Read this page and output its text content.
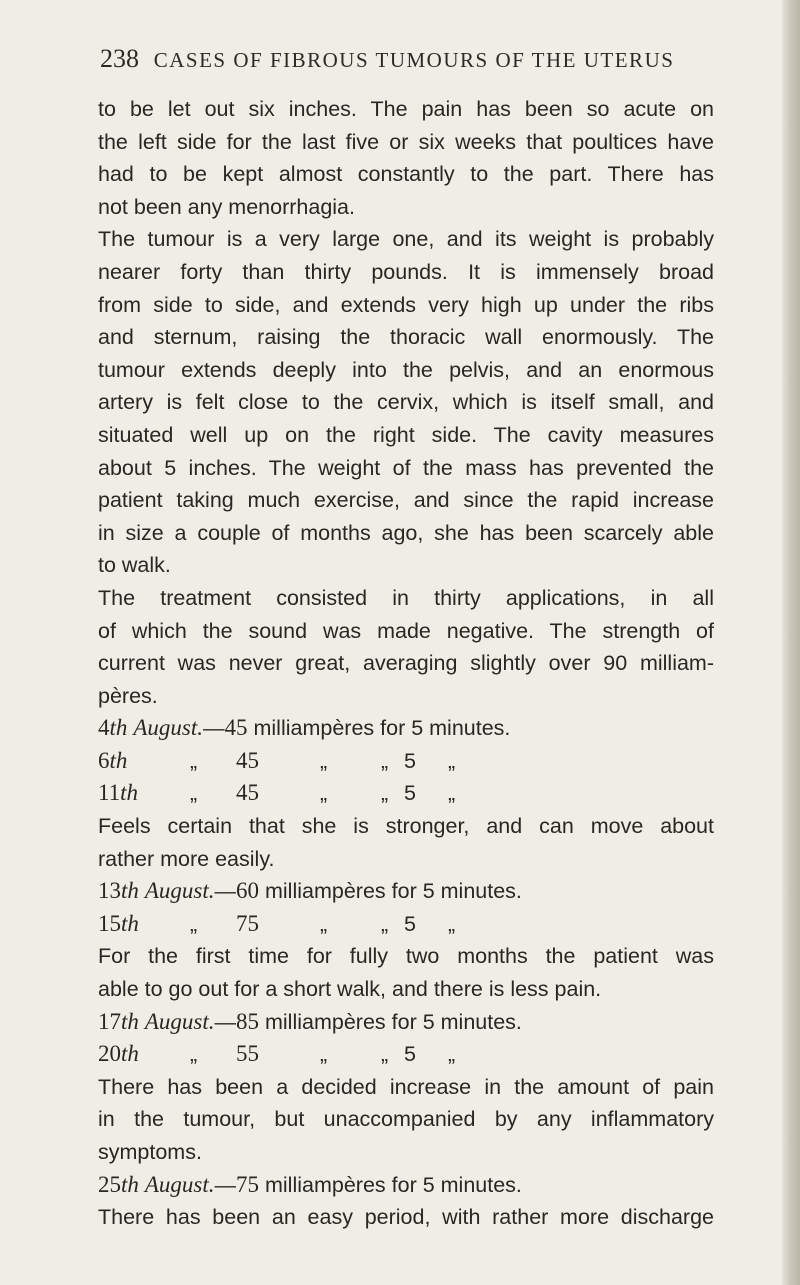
238 CASES OF FIBROUS TUMOURS OF THE UTERUS
to be let out six inches. The pain has been so acute on
the left side for the last five or six weeks that poultices have
had to be kept almost constantly to the part. There has
not been any menorrhagia.
The tumour is a very large one, and its weight is probably
nearer forty than thirty pounds. It is immensely broad
from side to side, and extends very high up under the ribs
and sternum, raising the thoracic wall enormously. The
tumour extends deeply into the pelvis, and an enormous
artery is felt close to the cervix, which is itself small, and
situated well up on the right side. The cavity measures
about 5 inches. The weight of the mass has prevented the
patient taking much exercise, and since the rapid increase
in size a couple of months ago, she has been scarcely able
to walk.
The treatment consisted in thirty applications, in all
of which the sound was made negative. The strength of
current was never great, averaging slightly over 90 milliam-
pères.
4th August.—45 milliampères for 5 minutes.
6th	„ 45	„	„ 5 „
11th „ 45	„	„ 5 „
Feels certain that she is stronger, and can move about
rather more easily.
13th August.—60 milliampères for 5 minutes.
15th „ 75	„	„ 5 „
For the first time for fully two months the patient was
able to go out for a short walk, and there is less pain.
17th August.—85 milliampères for 5 minutes.
20th „ 55	„	„ 5 „
There has been a decided increase in the amount of pain
in the tumour, but unaccompanied by any inflammatory
symptoms.
25th August.—75 milliampères for 5 minutes.
There has been an easy period, with rather more discharge
